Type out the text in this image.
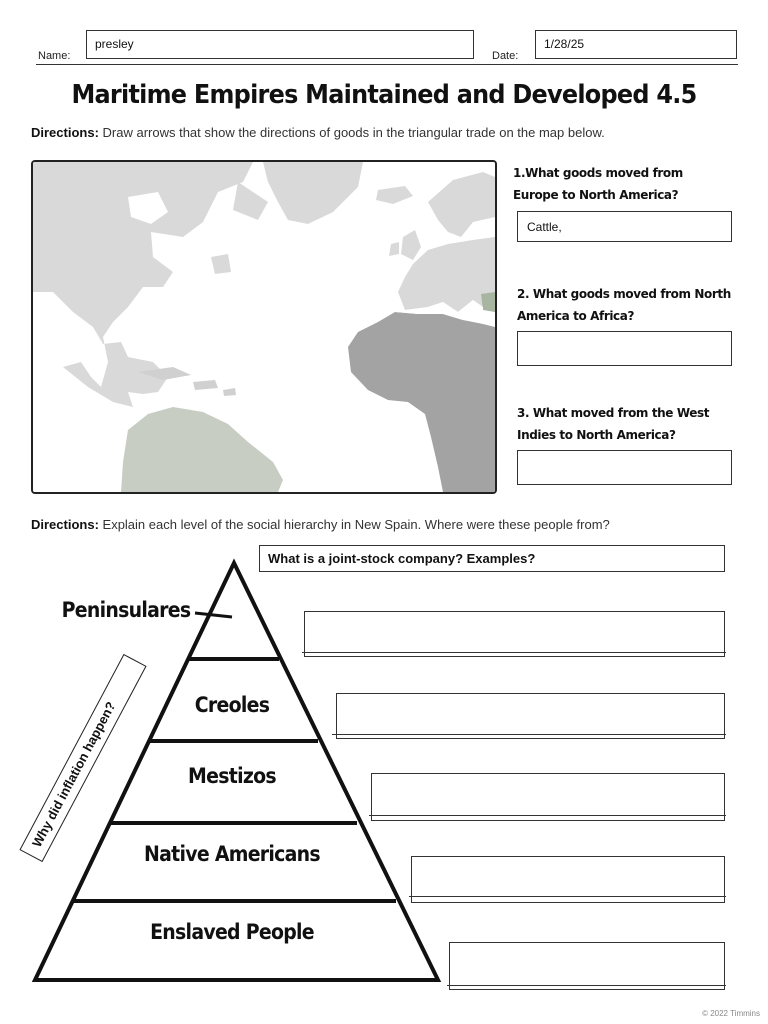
Name:
presley
Date:
1/28/25
Maritime Empires Maintained and Developed 4.5
Directions: Draw arrows that show the directions of goods in the triangular trade on the map below.
1.What goods moved from Europe to North America?
Cattle,
2. What goods moved from North America to Africa?
3. What moved from the West Indies to North America?
Directions: Explain each level of the social hierarchy in New Spain. Where were these people from?
What is a joint-stock company? Examples?
Peninsulares
Creoles
Mestizos
Native Americans
Enslaved People
Why did inflation happen?
© 2022 Timmins
